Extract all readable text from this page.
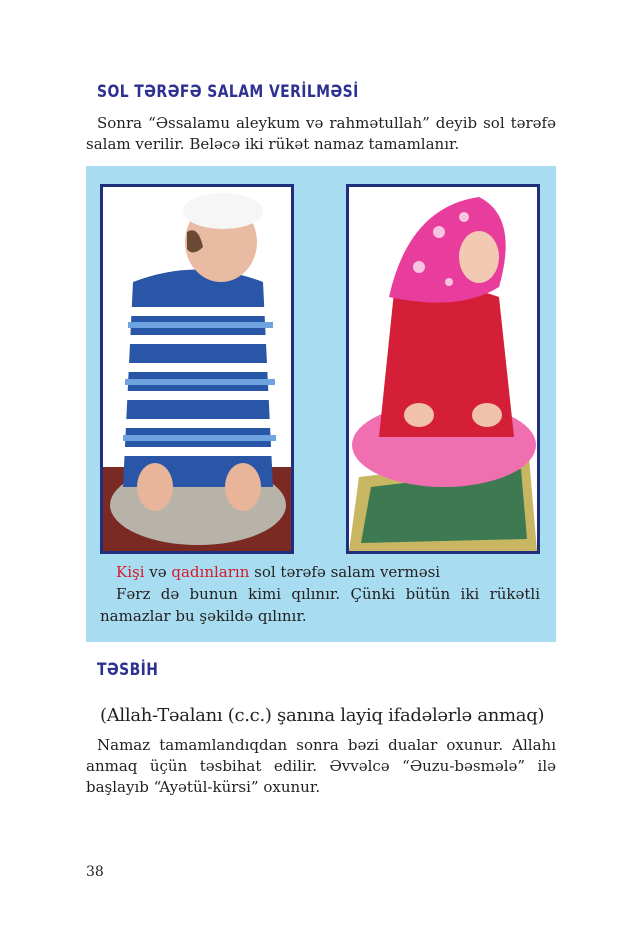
SOL TƏRƏFƏ SALAM VERİLMƏSİ
Sonra “Əssalamu aleykum və rahmətullah” deyib sol tərəfə salam verilir. Beləcə iki rükət namaz tamamlanır.
Kişi və qadınların sol tərəfə salam verməsi
Fərz də bunun kimi qılınır. Çünki bütün iki rükətli namazlar bu şəkildə qılınır.
TƏSBİH
(Allah-Təalanı (c.c.) şanına layiq ifadələrlə anmaq)
Namaz tamamlandıqdan sonra bəzi dualar oxunur. Allahı anmaq üçün təsbihat edilir. Əvvəlcə “Əuzu-bəsmələ” ilə başlayıb “Ayətül-kürsi” oxunur.
38
